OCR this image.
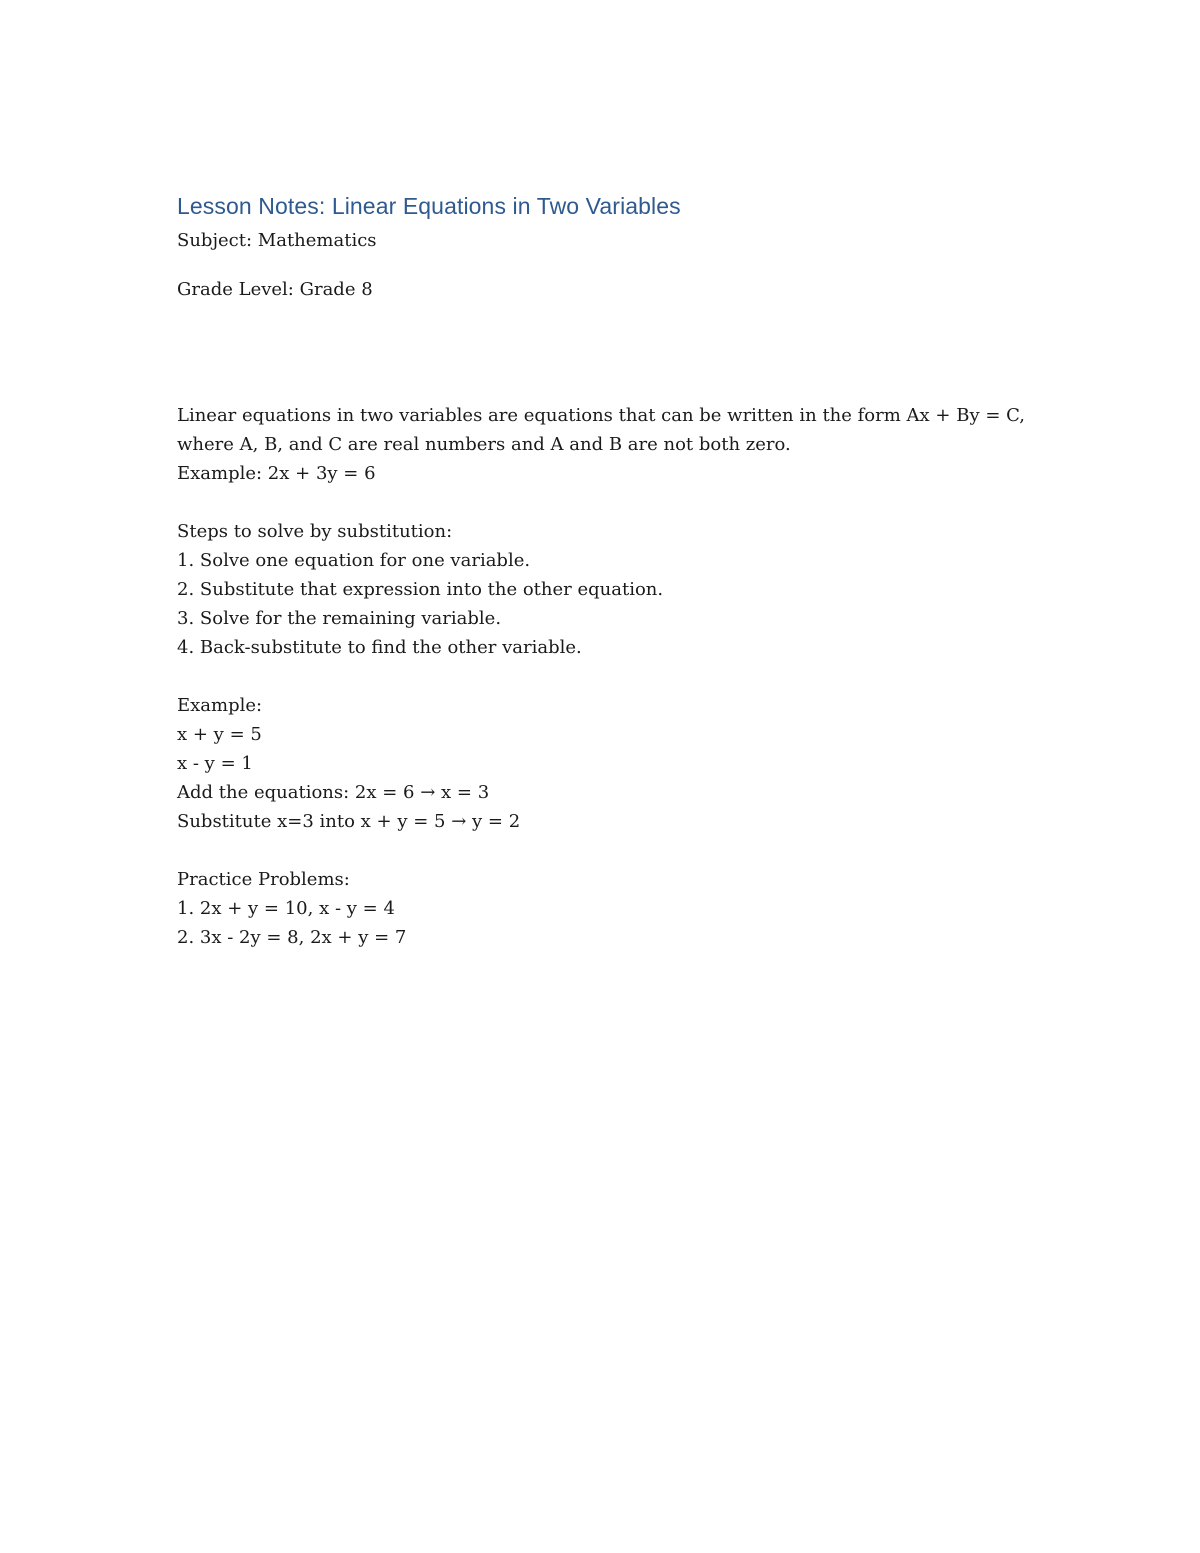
Lesson Notes: Linear Equations in Two Variables

Subject: Mathematics

Grade Level: Grade 8

Linear equations in two variables are equations that can be written in the form Ax + By = C,
where A, B, and C are real numbers and A and B are not both zero.
Example: 2x + 3y = 6
Steps to solve by substitution:
1. Solve one equation for one variable.
2. Substitute that expression into the other equation.
3. Solve for the remaining variable.
4. Back-substitute to find the other variable.
Example:
x + y = 5
x - y = 1
Add the equations: 2x = 6 → x = 3
Substitute x=3 into x + y = 5 → y = 2
Practice Problems:
1. 2x + y = 10, x - y = 4
2. 3x - 2y = 8, 2x + y = 7
